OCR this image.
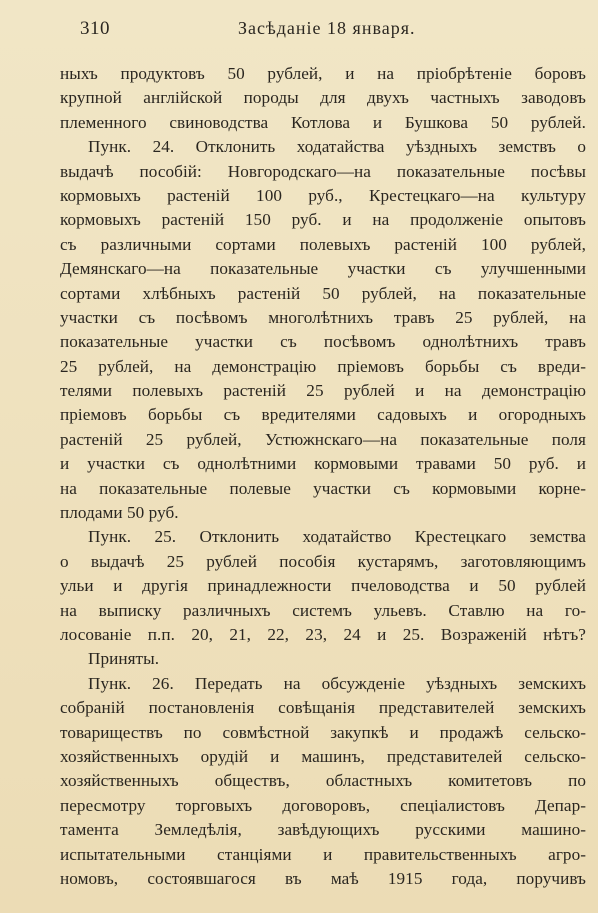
310	Засѣданіе 18 января.
ныхъ продуктовъ 50 рублей, и на пріобрѣтеніе боровъ
крупной англійской породы для двухъ частныхъ заводовъ
племенного свиноводства Котлова и Бушкова 50 рублей.
Пунк. 24. Отклонить ходатайства уѣздныхъ земствъ о
выдачѣ пособій: Новгородскаго—на показательные посѣвы
кормовыхъ растеній 100 руб., Крестецкаго—на культуру
кормовыхъ растеній 150 руб. и на продолженіе опытовъ
съ различными сортами полевыхъ растеній 100 рублей,
Демянскаго—на показательные участки съ улучшенными
сортами хлѣбныхъ растеній 50 рублей, на показательные
участки съ посѣвомъ многолѣтнихъ травъ 25 рублей, на
показательные участки съ посѣвомъ однолѣтнихъ травъ
25 рублей, на демонстрацію пріемовъ борьбы съ вреди-
телями полевыхъ растеній 25 рублей и на демонстрацію
пріемовъ борьбы съ вредителями садовыхъ и огородныхъ
растеній 25 рублей, Устюжнскаго—на показательные поля
и участки съ однолѣтними кормовыми травами 50 руб. и
на показательные полевые участки съ кормовыми корне-
плодами 50 руб.
Пунк. 25. Отклонить ходатайство Крестецкаго земства
о выдачѣ 25 рублей пособія кустарямъ, заготовляющимъ
ульи и другія принадлежности пчеловодства и 50 рублей
на выписку различныхъ системъ ульевъ. Ставлю на го-
лосованіе п.п. 20, 21, 22, 23, 24 и 25. Возраженій нѣтъ?
Приняты.
Пунк. 26. Передать на обсужденіе уѣздныхъ земскихъ
собраній постановленія совѣщанія представителей земскихъ
товариществъ по совмѣстной закупкѣ и продажѣ сельско-
хозяйственныхъ орудій и машинъ, представителей сельско-
хозяйственныхъ обществъ, областныхъ комитетовъ по
пересмотру торговыхъ договоровъ, спеціалистовъ Депар-
тамента Земледѣлія, завѣдующихъ русскими машино-
испытательными станціями и правительственныхъ агро-
номовъ, состоявшагося въ маѣ 1915 года, поручивъ
